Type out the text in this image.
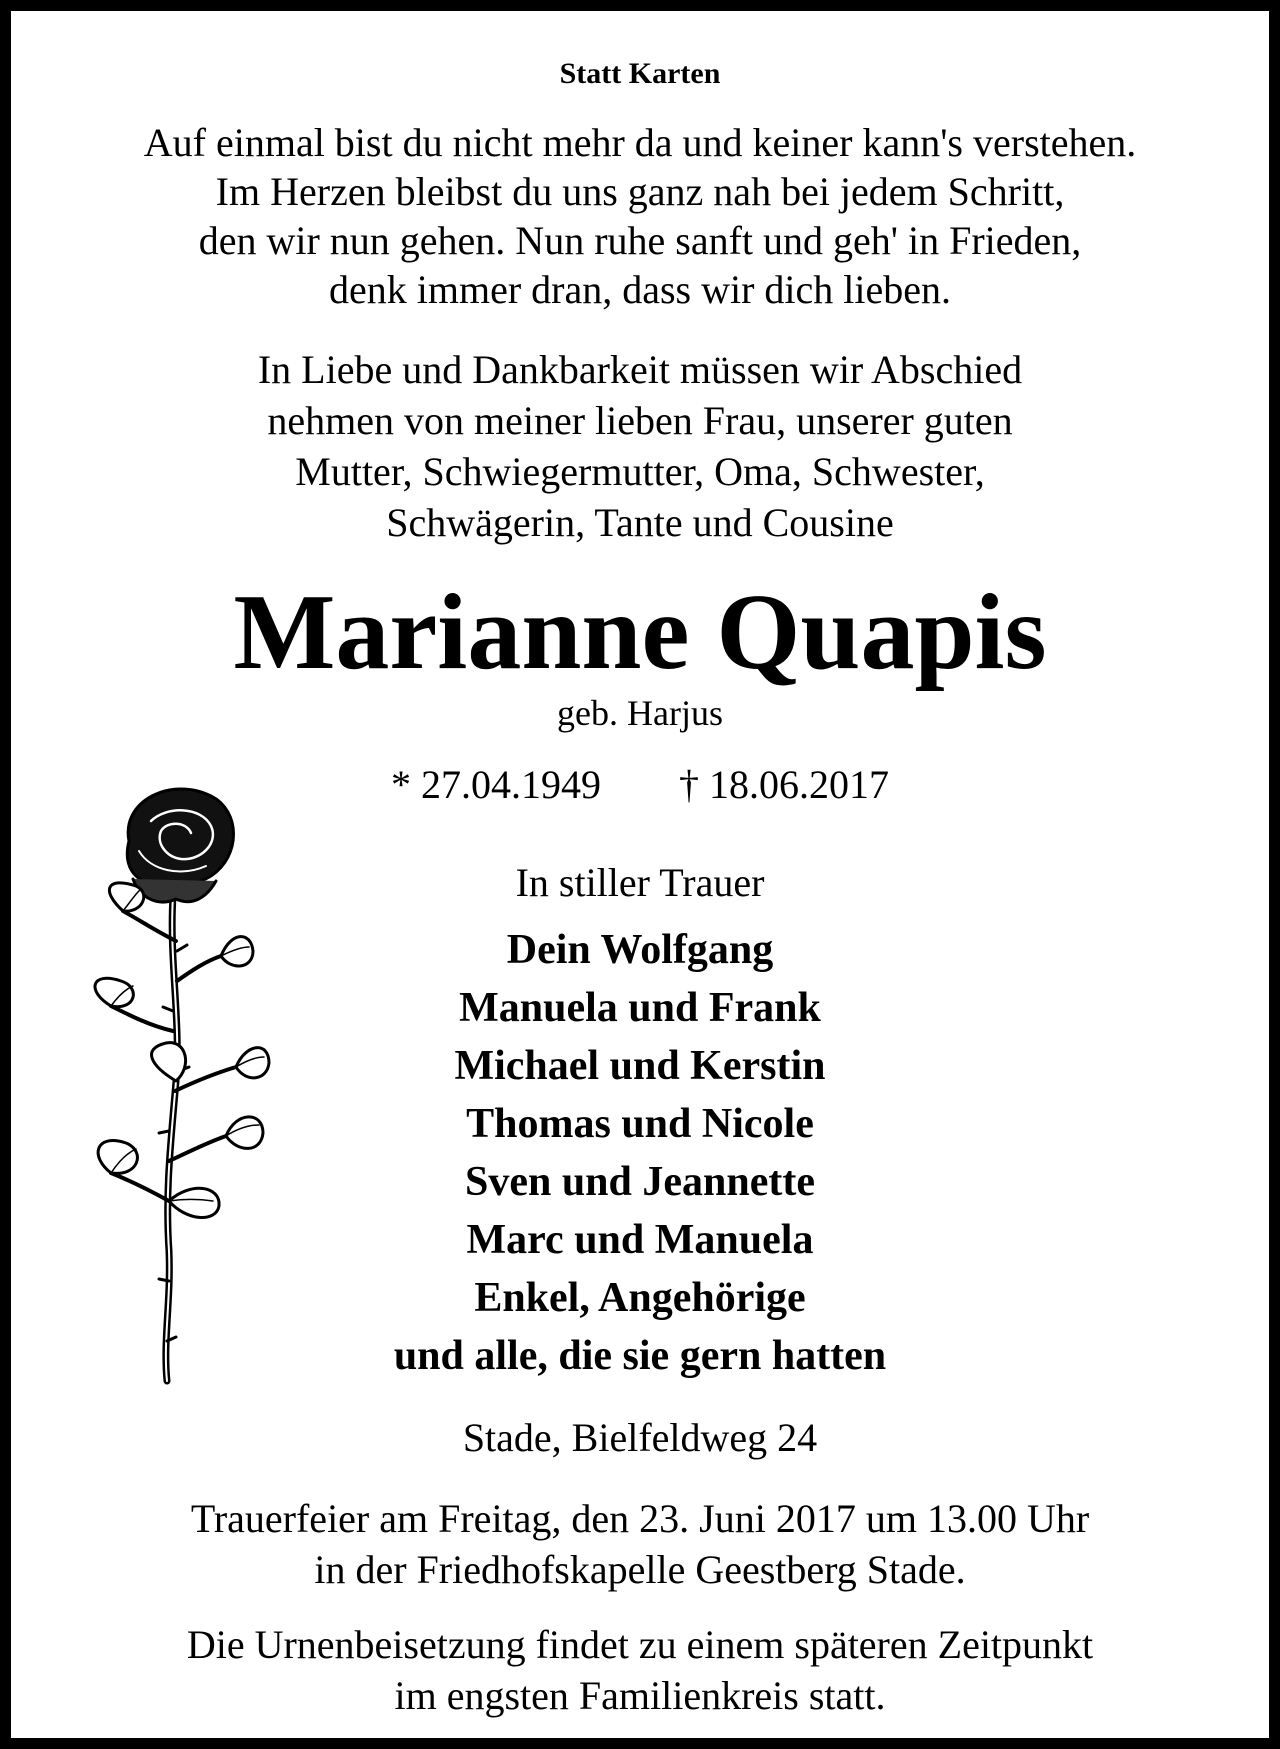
Statt Karten
Auf einmal bist du nicht mehr da und keiner kann's verstehen.
Im Herzen bleibst du uns ganz nah bei jedem Schritt,
den wir nun gehen. Nun ruhe sanft und geh' in Frieden,
denk immer dran, dass wir dich lieben.
In Liebe und Dankbarkeit müssen wir Abschied
nehmen von meiner lieben Frau, unserer guten
Mutter, Schwiegermutter, Oma, Schwester,
Schwägerin, Tante und Cousine
Marianne Quapis
geb. Harjus
* 27.04.1949 † 18.06.2017
In stiller Trauer
Dein Wolfgang
Manuela und Frank
Michael und Kerstin
Thomas und Nicole
Sven und Jeannette
Marc und Manuela
Enkel, Angehörige
und alle, die sie gern hatten
Stade, Bielfeldweg 24
Trauerfeier am Freitag, den 23. Juni 2017 um 13.00 Uhr
in der Friedhofskapelle Geestberg Stade.
Die Urnenbeisetzung findet zu einem späteren Zeitpunkt
im engsten Familienkreis statt.
